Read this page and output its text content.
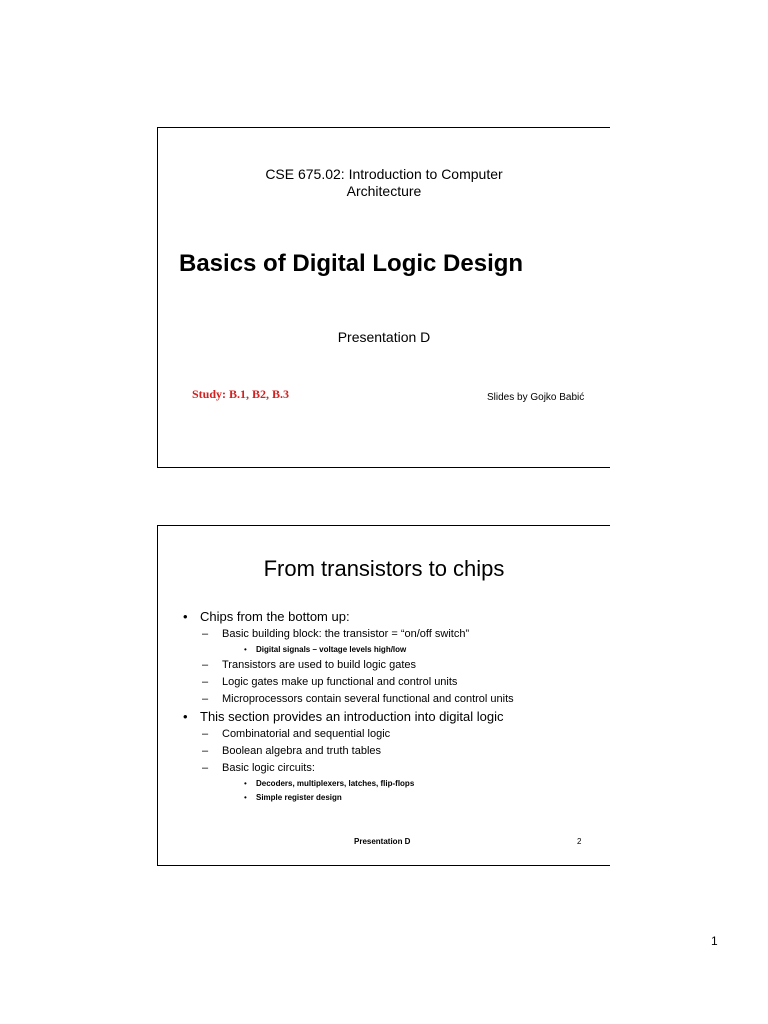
CSE 675.02: Introduction to Computer
Architecture
Basics of Digital Logic Design
Presentation D
Study: B.1, B2, B.3	Slides by Gojko Babić
From transistors to chips
• Chips from the bottom up:
– Basic building block: the transistor = “on/off switch”
• Digital signals – voltage levels high/low
– Transistors are used to build logic gates
– Logic gates make up functional and control units
– Microprocessors contain several functional and control units
• This section provides an introduction into digital logic
– Combinatorial and sequential logic
– Boolean algebra and truth tables
– Basic logic circuits:
• Decoders, multiplexers, latches, flip-flops
• Simple register design
Presentation D	2
1
